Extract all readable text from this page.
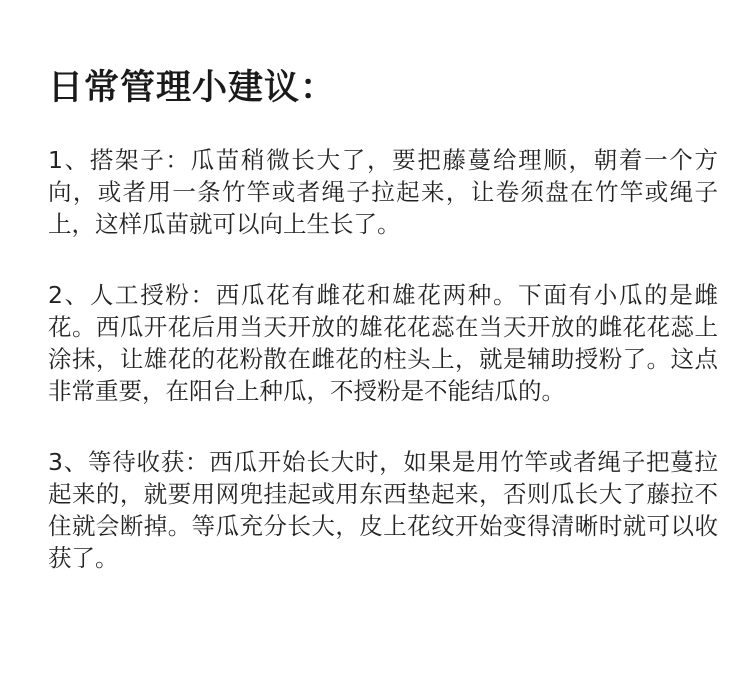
日常管理小建议：

1、搭架子：瓜苗稍微长大了，要把藤蔓给理顺，朝着一个方向，或者用一条竹竿或者绳子拉起来，让卷须盘在竹竿或绳子上，这样瓜苗就可以向上生长了。

2、人工授粉：西瓜花有雌花和雄花两种。下面有小瓜的是雌花。西瓜开花后用当天开放的雄花花蕊在当天开放的雌花花蕊上涂抹，让雄花的花粉散在雌花的柱头上，就是辅助授粉了。这点非常重要，在阳台上种瓜，不授粉是不能结瓜的。

3、等待收获：西瓜开始长大时，如果是用竹竿或者绳子把蔓拉起来的，就要用网兜挂起或用东西垫起来，否则瓜长大了藤拉不住就会断掉。等瓜充分长大，皮上花纹开始变得清晰时就可以收获了。
